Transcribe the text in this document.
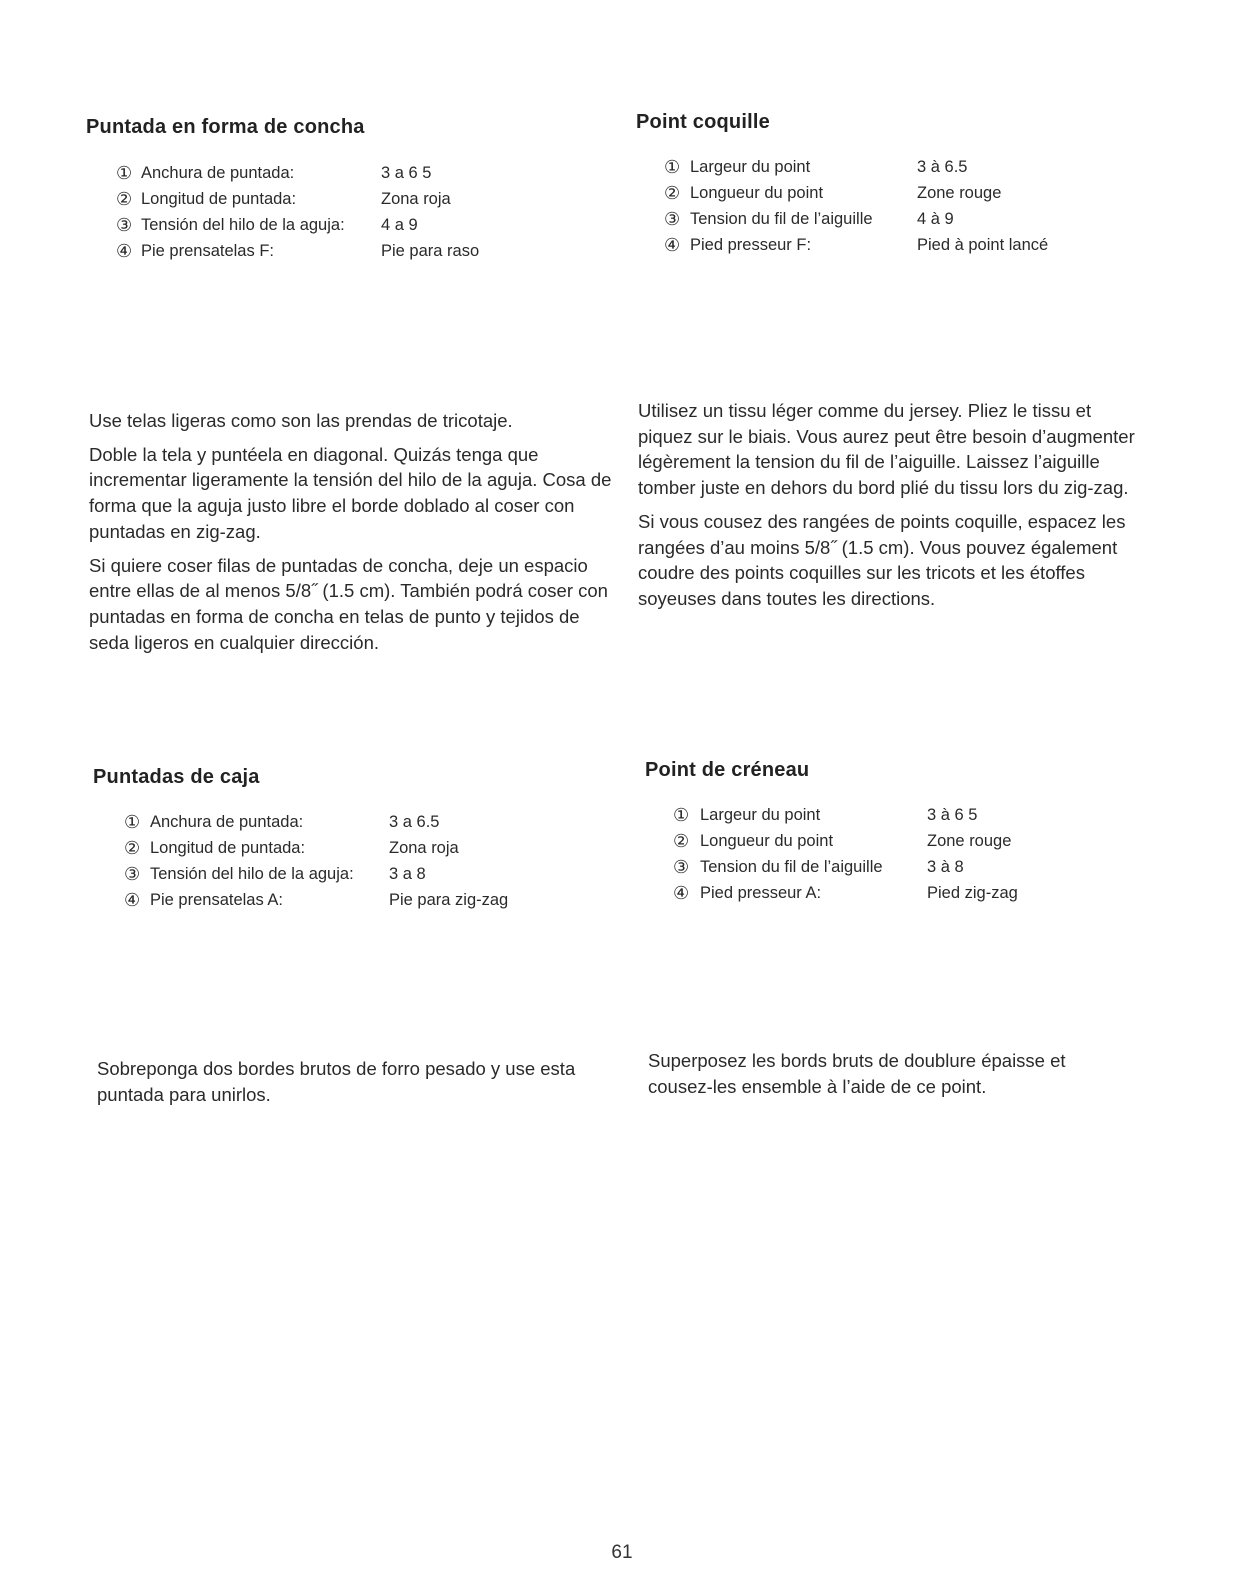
Puntada en forma de concha
① Anchura de puntada:	3 a 6 5
② Longitud de puntada:	Zona roja
③ Tensión del hilo de la aguja: 4 a 9
④ Pie prensatelas F:	Pie para raso
Point coquille
① Largeur du point	3 à 6.5
② Longueur du point	Zone rouge
③ Tension du fil de l’aiguille	4 à 9
④ Pied presseur F:	Pied à point lancé

Use telas ligeras como son las prendas de tricotaje.

Doble la tela y puntéela en diagonal. Quizás tenga que incrementar ligeramente la tensión del hilo de la aguja. Cosa de forma que la aguja justo libre el borde doblado al coser con puntadas en zig-zag.

Si quiere coser filas de puntadas de concha, deje un espacio entre ellas de al menos 5/8˝ (1.5 cm). También podrá coser con puntadas en forma de concha en telas de punto y tejidos de seda ligeros en cualquier dirección.

Utilisez un tissu léger comme du jersey. Pliez le tissu et piquez sur le biais. Vous aurez peut être besoin d’augmenter légèrement la tension du fil de l’aiguille. Laissez l’aiguille tomber juste en dehors du bord plié du tissu lors du zig-zag.

Si vous cousez des rangées de points coquille, espacez les rangées d’au moins 5/8˝ (1.5 cm). Vous pouvez également coudre des points coquilles sur les tricots et les étoffes soyeuses dans toutes les directions.

Puntadas de caja
① Anchura de puntada:	3 a 6.5
② Longitud de puntada:	Zona roja
③ Tensión del hilo de la aguja: 3 a 8
④ Pie prensatelas A:	Pie para zig-zag
Point de créneau
① Largeur du point	3 à 6 5
② Longueur du point	Zone rouge
③ Tension du fil de l’aiguille	3 à 8
④ Pied presseur A:	Pied zig-zag

Sobreponga dos bordes brutos de forro pesado y use esta puntada para unirlos.

Superposez les bords bruts de doublure épaisse et cousez-les ensemble à l’aide de ce point.

61
